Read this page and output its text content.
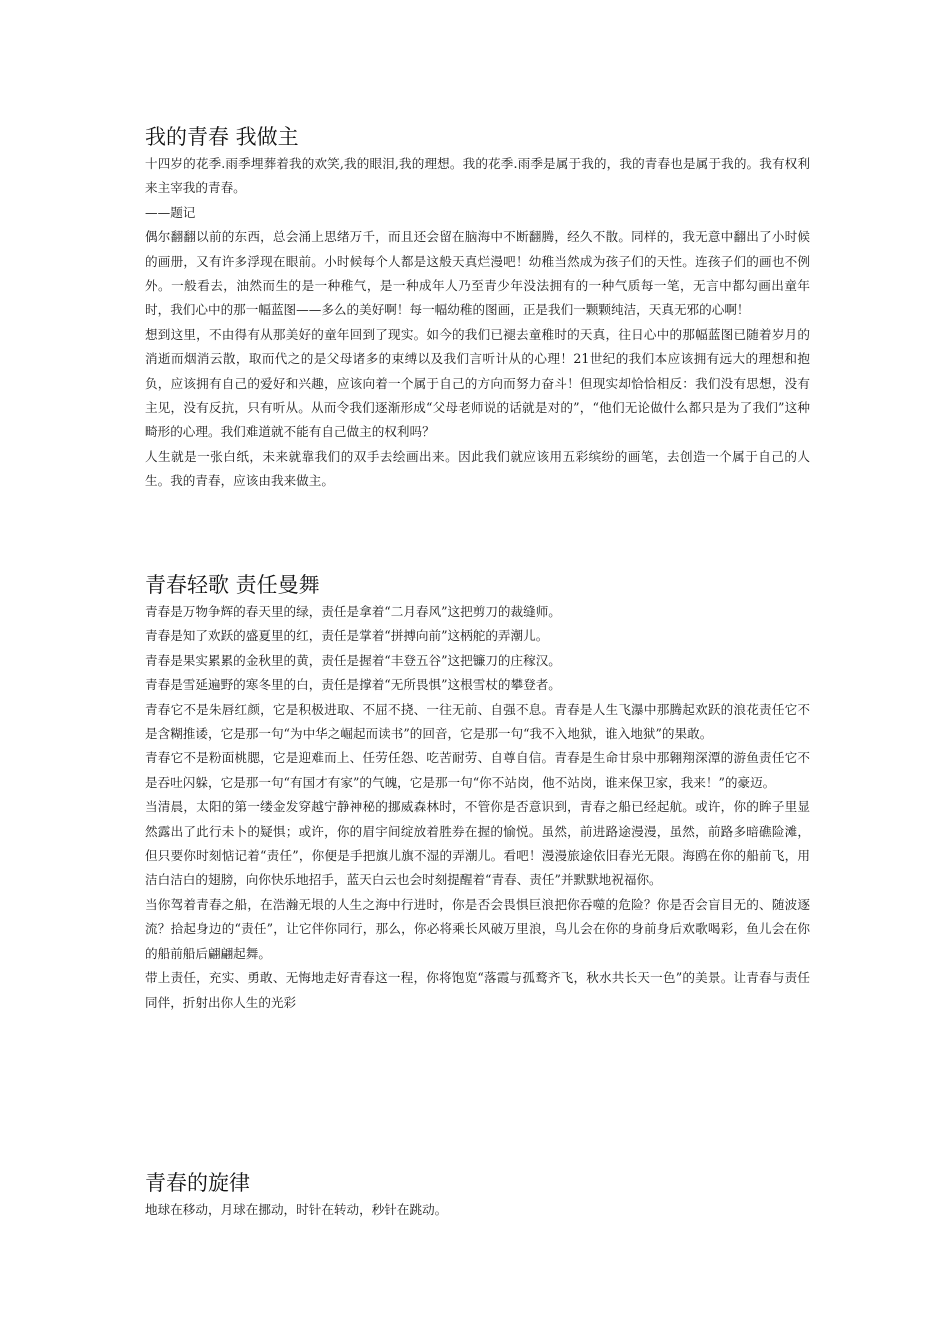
我的青春 我做主

十四岁的花季.雨季埋葬着我的欢笑,我的眼泪,我的理想。我的花季.雨季是属于我的，我的青春也是属于我的。我有权利来主宰我的青春。

——题记

偶尔翻翻以前的东西，总会涌上思绪万千，而且还会留在脑海中不断翻腾，经久不散。同样的，我无意中翻出了小时候的画册，又有许多浮现在眼前。小时候每个人都是这般天真烂漫吧！幼稚当然成为孩子们的天性。连孩子们的画也不例外。一般看去，油然而生的是一种稚气，是一种成年人乃至青少年没法拥有的一种气质每一笔，无言中都勾画出童年时，我们心中的那一幅蓝图——多么的美好啊！每一幅幼稚的图画，正是我们一颗颗纯洁，天真无邪的心啊！

想到这里，不由得有从那美好的童年回到了现实。如今的我们已褪去童稚时的天真，往日心中的那幅蓝图已随着岁月的消逝而烟消云散，取而代之的是父母诸多的束缚以及我们言听计从的心理！21世纪的我们本应该拥有远大的理想和抱负，应该拥有自己的爱好和兴趣，应该向着一个属于自己的方向而努力奋斗！但现实却恰恰相反：我们没有思想，没有主见，没有反抗，只有听从。从而令我们逐渐形成“父母老师说的话就是对的”，“他们无论做什么都只是为了我们”这种畸形的心理。我们难道就不能有自己做主的权利吗？

人生就是一张白纸，未来就靠我们的双手去绘画出来。因此我们就应该用五彩缤纷的画笔，去创造一个属于自己的人生。我的青春，应该由我来做主。

青春轻歌 责任曼舞

青春是万物争辉的春天里的绿，责任是拿着“二月春风”这把剪刀的裁缝师。

青春是知了欢跃的盛夏里的红，责任是掌着“拼搏向前”这柄舵的弄潮儿。

青春是果实累累的金秋里的黄，责任是握着“丰登五谷”这把镰刀的庄稼汉。

青春是雪延遍野的寒冬里的白，责任是撑着“无所畏惧”这根雪杖的攀登者。

青春它不是朱唇红颜，它是积极进取、不屈不挠、一往无前、自强不息。青春是人生飞瀑中那腾起欢跃的浪花责任它不是含糊推诿，它是那一句“为中华之崛起而读书”的回音，它是那一句“我不入地狱，谁入地狱”的果敢。

青春它不是粉面桃腮，它是迎难而上、任劳任怨、吃苦耐劳、自尊自信。青春是生命甘泉中那翱翔深潭的游鱼责任它不是吞吐闪躲，它是那一句“有国才有家”的气魄，它是那一句“你不站岗，他不站岗，谁来保卫家，我来！”的豪迈。

当清晨，太阳的第一缕金发穿越宁静神秘的挪威森林时，不管你是否意识到，青春之船已经起航。或许，你的眸子里显然露出了此行未卜的疑惧；或许，你的眉宇间绽放着胜券在握的愉悦。虽然，前进路途漫漫，虽然，前路多暗礁险滩，但只要你时刻惦记着“责任”，你便是手把旗儿旗不湿的弄潮儿。看吧！漫漫旅途依旧春光无限。海鸥在你的船前飞，用洁白洁白的翅膀，向你快乐地招手，蓝天白云也会时刻提醒着“青春、责任”并默默地祝福你。

当你驾着青春之船，在浩瀚无垠的人生之海中行进时，你是否会畏惧巨浪把你吞噬的危险？你是否会盲目无的、随波逐流？拾起身边的“责任”，让它伴你同行，那么，你必将乘长风破万里浪，鸟儿会在你的身前身后欢歌喝彩，鱼儿会在你的船前船后翩翩起舞。

带上责任，充实、勇敢、无悔地走好青春这一程，你将饱览“落霞与孤鹜齐飞，秋水共长天一色”的美景。让青春与责任同伴，折射出你人生的光彩

青春的旋律

地球在移动，月球在挪动，时针在转动，秒针在跳动。
